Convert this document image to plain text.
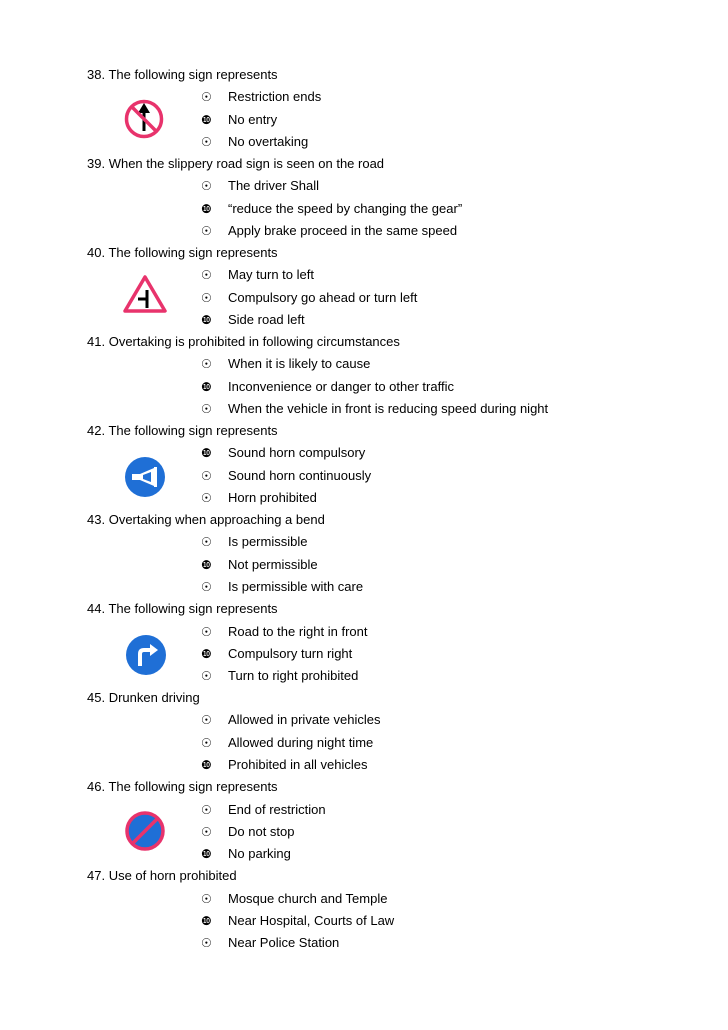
38. The following sign represents
☉ Restriction ends
❿ No entry
☉ No overtaking
39. When the slippery road sign is seen on the road
☉ The driver Shall
❿ “reduce the speed by changing the gear”
☉ Apply brake proceed in the same speed
40. The following sign represents
☉ May turn to left
☉ Compulsory go ahead or turn left
❿ Side road left
41. Overtaking is prohibited in following circumstances
☉ When it is likely to cause
❿ Inconvenience or danger to other traffic
☉ When the vehicle in front is reducing speed during night
42. The following sign represents
❿ Sound horn compulsory
☉ Sound horn continuously
☉ Horn prohibited
43. Overtaking when approaching a bend
☉ Is permissible
❿ Not permissible
☉ Is permissible with care
44. The following sign represents
☉ Road to the right in front
❿ Compulsory turn right
☉ Turn to right prohibited
45. Drunken driving
☉ Allowed in private vehicles
☉ Allowed during night time
❿ Prohibited in all vehicles
46. The following sign represents
☉ End of restriction
☉ Do not stop
❿ No parking
47. Use of horn prohibited
☉ Mosque church and Temple
❿ Near Hospital, Courts of Law
☉ Near Police Station
